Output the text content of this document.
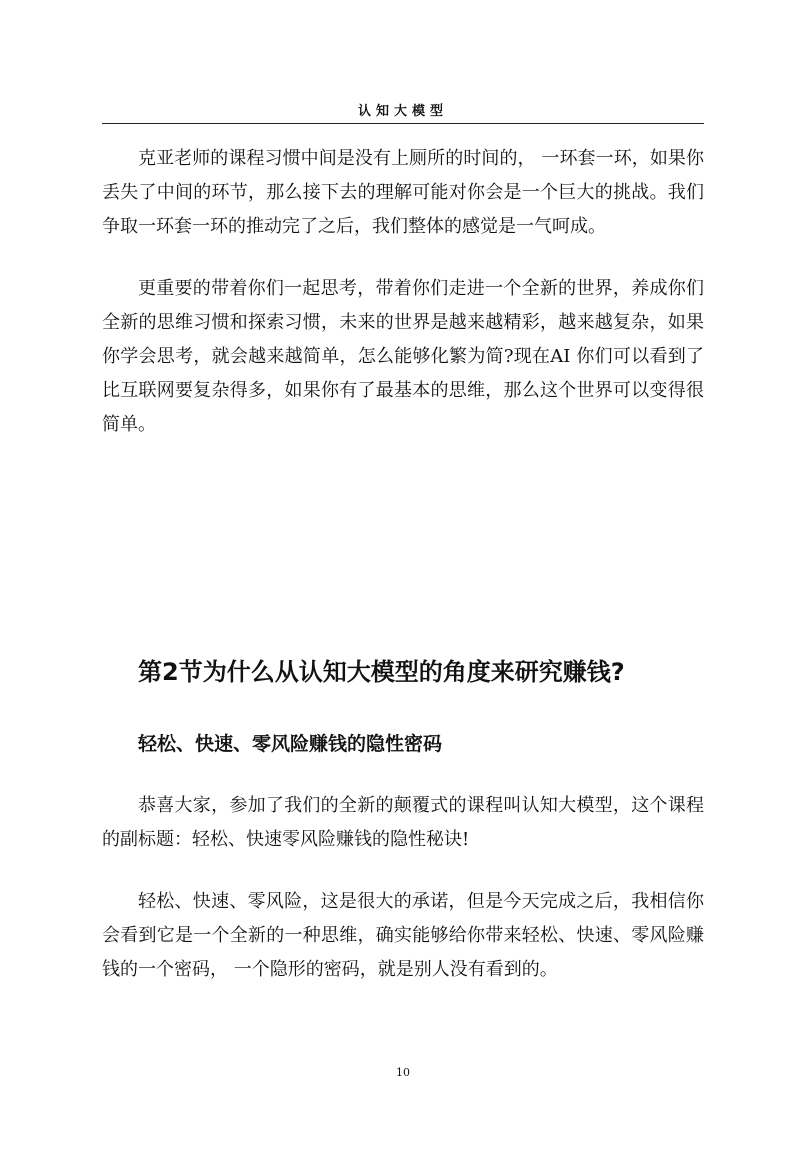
认知大模型

克亚老师的课程习惯中间是没有上厕所的时间的， 一环套一环，如果你丢失了中间的环节，那么接下去的理解可能对你会是一个巨大的挑战。我们争取一环套一环的推动完了之后，我们整体的感觉是一气呵成。

更重要的带着你们一起思考，带着你们走进一个全新的世界，养成你们全新的思维习惯和探索习惯，未来的世界是越来越精彩，越来越复杂，如果你学会思考，就会越来越简单，怎么能够化繁为简?现在AI 你们可以看到了比互联网要复杂得多，如果你有了最基本的思维，那么这个世界可以变得很简单。

第2节为什么从认知大模型的角度来研究赚钱?
轻松、快速、零风险赚钱的隐性密码

恭喜大家，参加了我们的全新的颠覆式的课程叫认知大模型，这个课程的副标题：轻松、快速零风险赚钱的隐性秘诀!

轻松、快速、零风险，这是很大的承诺，但是今天完成之后，我相信你会看到它是一个全新的一种思维，确实能够给你带来轻松、快速、零风险赚钱的一个密码， 一个隐形的密码，就是别人没有看到的。

10
